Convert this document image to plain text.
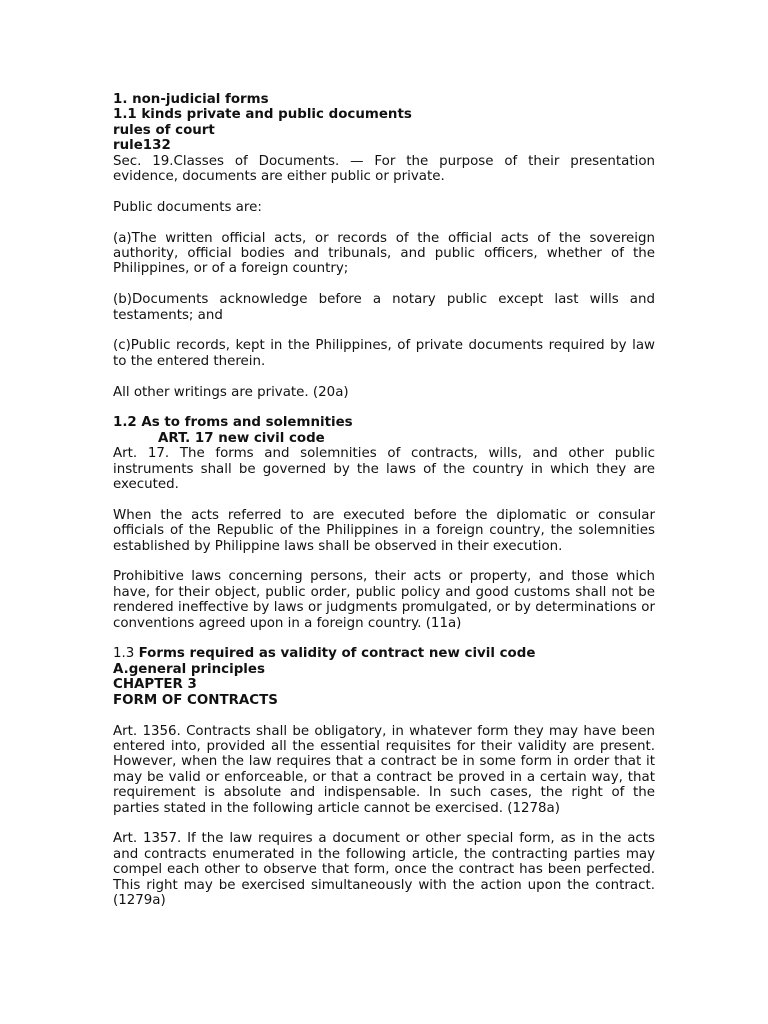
1. non-judicial forms
1.1 kinds private and public documents
rules of court
rule132

Sec. 19.Classes of Documents. — For the purpose of their presentation evidence, documents are either public or private.

Public documents are:

(a)The written official acts, or records of the official acts of the sovereign authority, official bodies and tribunals, and public officers, whether of the Philippines, or of a foreign country;

(b)Documents acknowledge before a notary public except last wills and testaments; and

(c)Public records, kept in the Philippines, of private documents required by law to the entered therein.

All other writings are private. (20a)

1.2 As to froms and solemnities
ART. 17 new civil code

Art. 17. The forms and solemnities of contracts, wills, and other public instruments shall be governed by the laws of the country in which they are executed.

When the acts referred to are executed before the diplomatic or consular officials of the Republic of the Philippines in a foreign country, the solemnities established by Philippine laws shall be observed in their execution.

Prohibitive laws concerning persons, their acts or property, and those which have, for their object, public order, public policy and good customs shall not be rendered ineffective by laws or judgments promulgated, or by determinations or conventions agreed upon in a foreign country. (11a)

1.3 Forms required as validity of contract new civil code
A.general principles
CHAPTER 3
FORM OF CONTRACTS

Art. 1356. Contracts shall be obligatory, in whatever form they may have been entered into, provided all the essential requisites for their validity are present. However, when the law requires that a contract be in some form in order that it may be valid or enforceable, or that a contract be proved in a certain way, that requirement is absolute and indispensable. In such cases, the right of the parties stated in the following article cannot be exercised. (1278a)

Art. 1357. If the law requires a document or other special form, as in the acts and contracts enumerated in the following article, the contracting parties may compel each other to observe that form, once the contract has been perfected. This right may be exercised simultaneously with the action upon the contract. (1279a)
